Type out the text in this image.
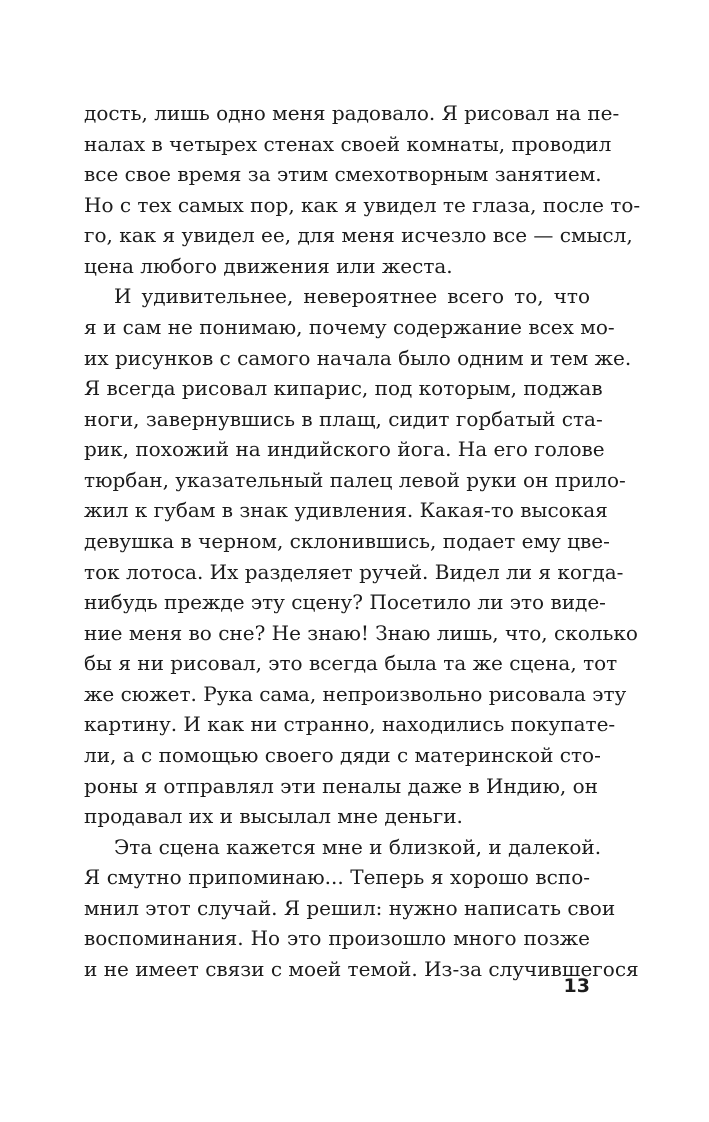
дость, лишь одно меня радовало. Я рисовал на пе-
налах в четырех стенах своей комнаты, проводил
все свое время за этим смехотворным занятием.
Но с тех самых пор, как я увидел те глаза, после то-
го, как я увидел ее, для меня исчезло все — смысл,
цена любого движения или жеста.
И удивительнее, невероятнее всего то, что
я и сам не понимаю, почему содержание всех мо-
их рисунков с самого начала было одним и тем же.
Я всегда рисовал кипарис, под которым, поджав
ноги, завернувшись в плащ, сидит горбатый ста-
рик, похожий на индийского йога. На его голове
тюрбан, указательный палец левой руки он прило-
жил к губам в знак удивления. Какая-то высокая
девушка в черном, склонившись, подает ему цве-
ток лотоса. Их разделяет ручей. Видел ли я когда-
нибудь прежде эту сцену? Посетило ли это виде-
ние меня во сне? Не знаю! Знаю лишь, что, сколько
бы я ни рисовал, это всегда была та же сцена, тот
же сюжет. Рука сама, непроизвольно рисовала эту
картину. И как ни странно, находились покупате-
ли, а с помощью своего дяди с материнской сто-
роны я отправлял эти пеналы даже в Индию, он
продавал их и высылал мне деньги.
Эта сцена кажется мне и близкой, и далекой.
Я смутно припоминаю... Теперь я хорошо вспо-
мнил этот случай. Я решил: нужно написать свои
воспоминания. Но это произошло много позже
и не имеет связи с моей темой. Из-за случившегося
13
